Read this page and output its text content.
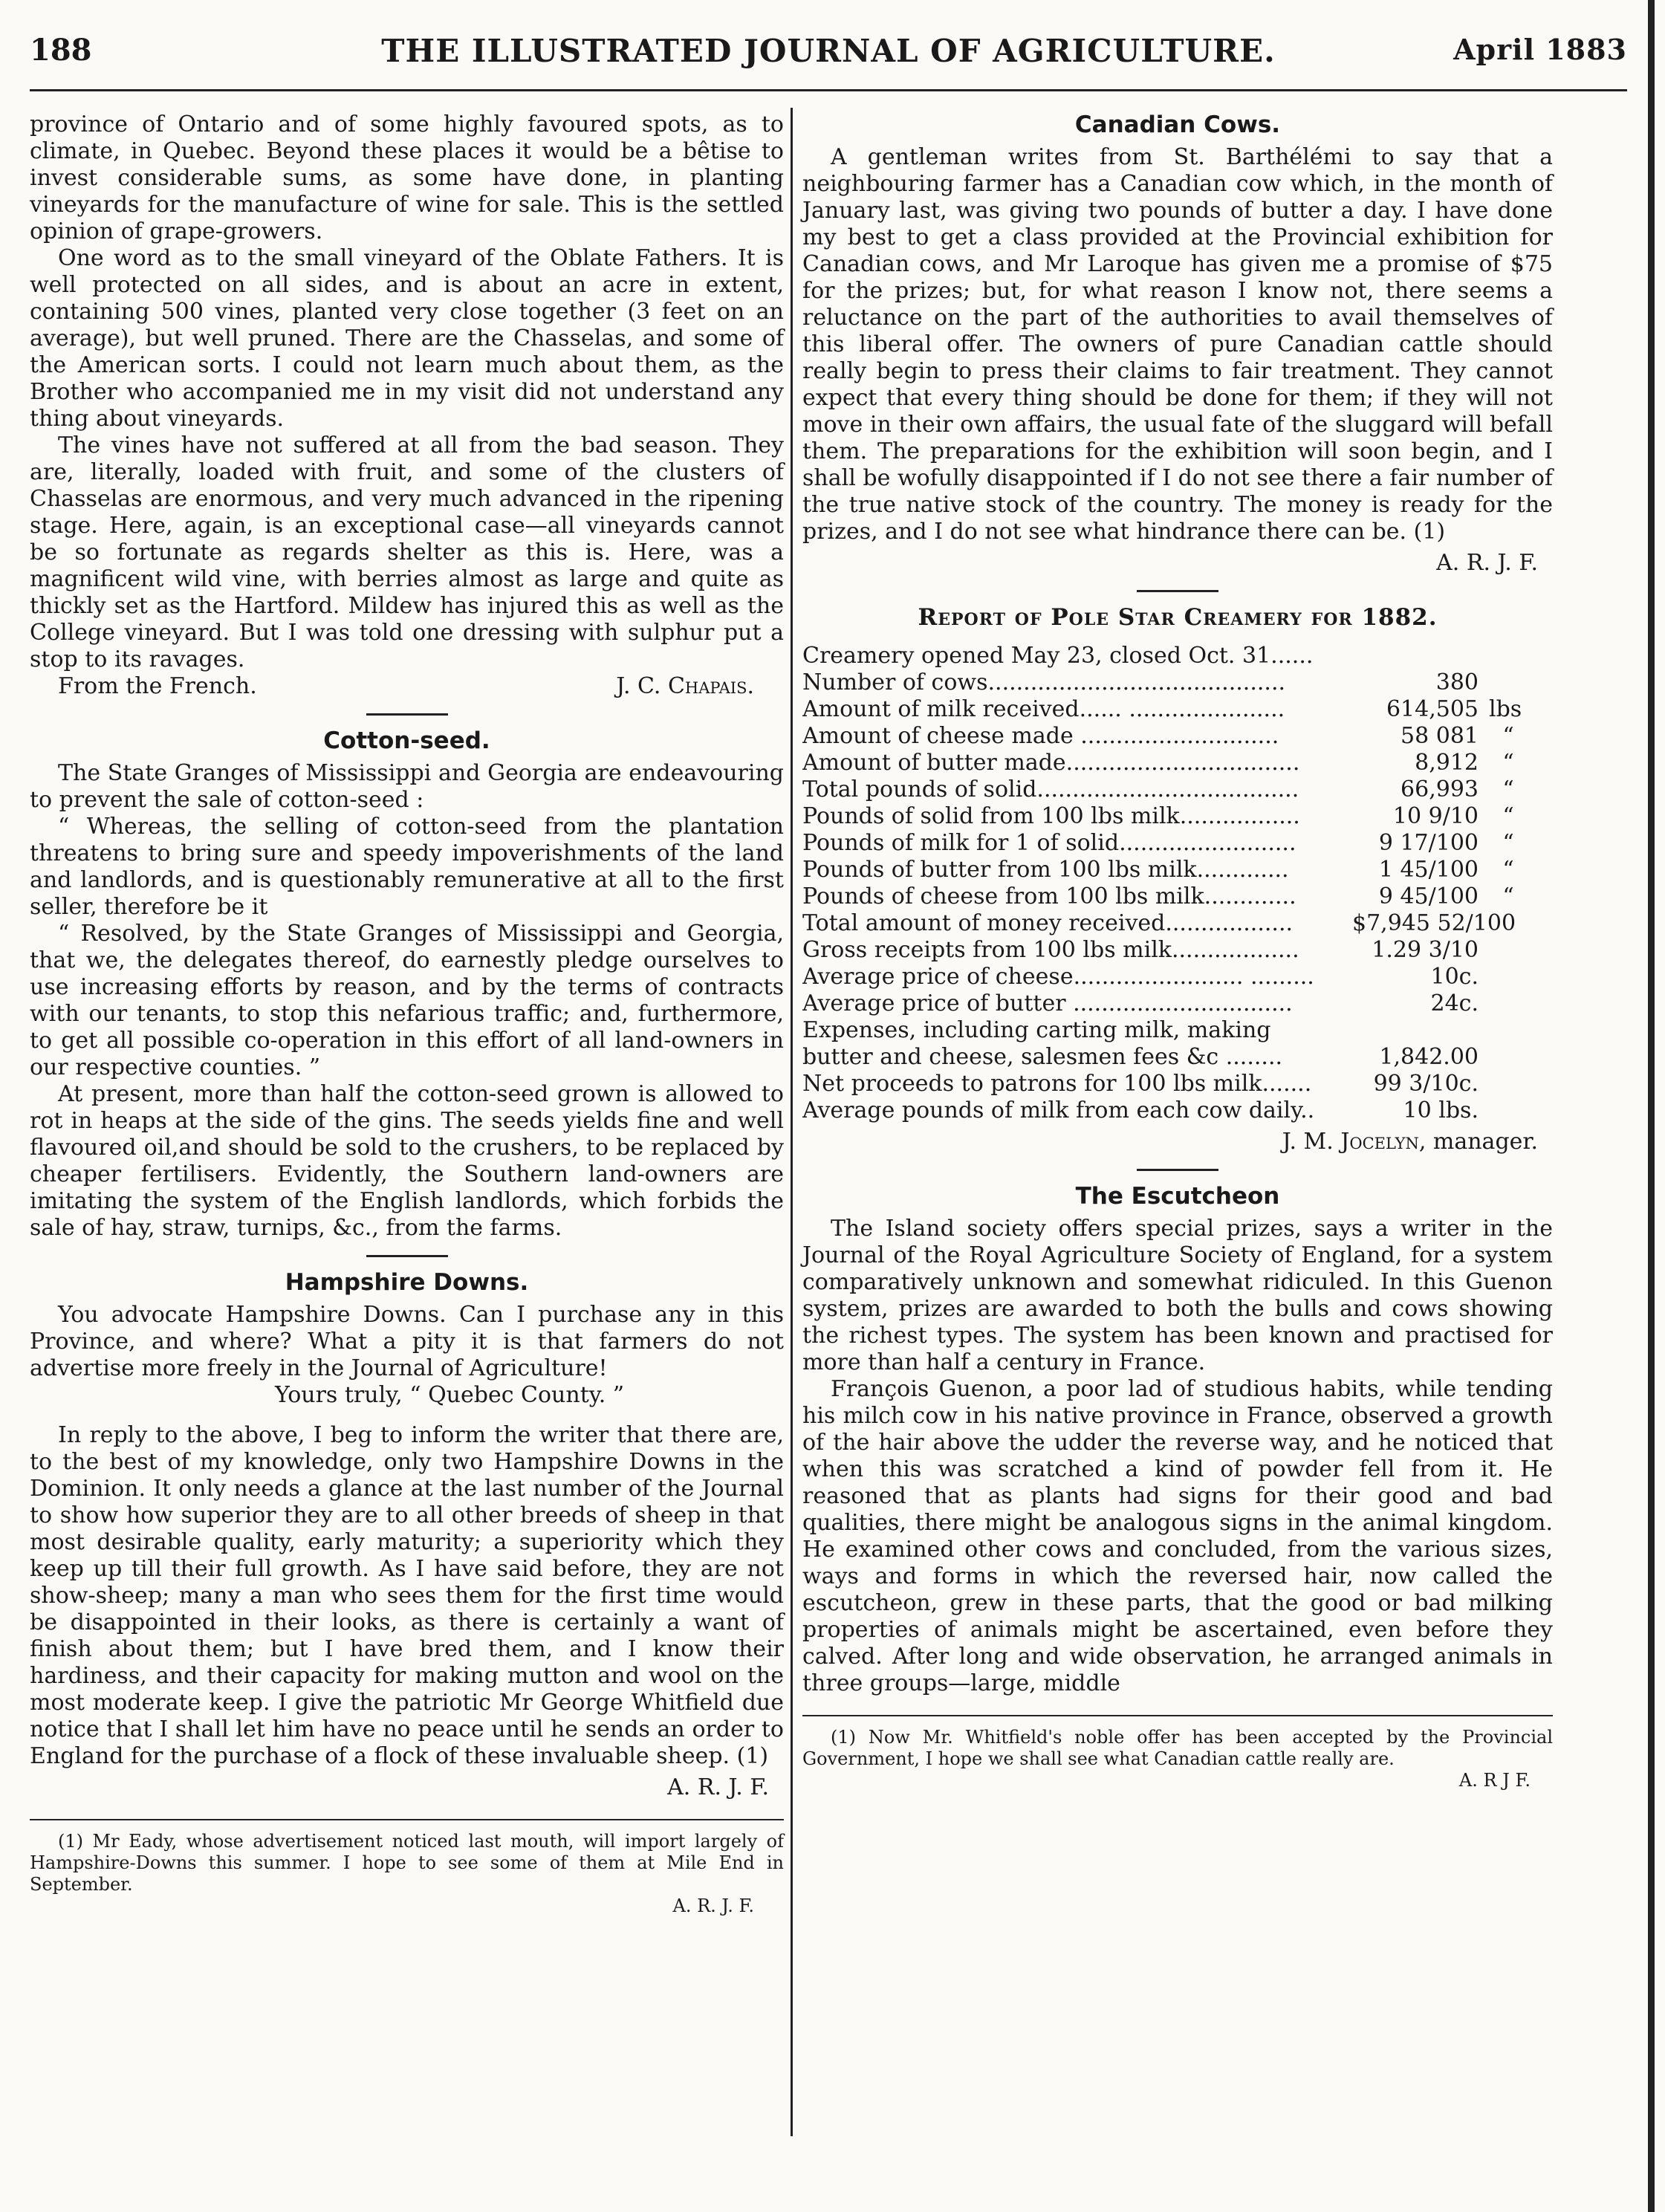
188	THE ILLUSTRATED JOURNAL OF AGRICULTURE.	April 1883

province of Ontario and of some highly favoured spots, as to climate, in Quebec. Beyond these places it would be a bêtise to invest considerable sums, as some have done, in planting vineyards for the manufacture of wine for sale. This is the settled opinion of grape-growers.

One word as to the small vineyard of the Oblate Fathers. It is well protected on all sides, and is about an acre in extent, containing 500 vines, planted very close together (3 feet on an average), but well pruned. There are the Chasselas, and some of the American sorts. I could not learn much about them, as the Brother who accompanied me in my visit did not understand any thing about vineyards.

The vines have not suffered at all from the bad season. They are, literally, loaded with fruit, and some of the clusters of Chasselas are enormous, and very much advanced in the ripening stage. Here, again, is an exceptional case—all vineyards cannot be so fortunate as regards shelter as this is. Here, was a magnificent wild vine, with berries almost as large and quite as thickly set as the Hartford. Mildew has injured this as well as the College vineyard. But I was told one dressing with sulphur put a stop to its ravages.

From the French.	J. C. Chapais.
Cotton-seed.

The State Granges of Mississippi and Georgia are endeavouring to prevent the sale of cotton-seed :

“ Whereas, the selling of cotton-seed from the plantation threatens to bring sure and speedy impoverishments of the land and landlords, and is questionably remunerative at all to the first seller, therefore be it

“ Resolved, by the State Granges of Mississippi and Georgia, that we, the delegates thereof, do earnestly pledge ourselves to use increasing efforts by reason, and by the terms of contracts with our tenants, to stop this nefarious traffic; and, furthermore, to get all possible co-operation in this effort of all land-owners in our respective counties. ”

At present, more than half the cotton-seed grown is allowed to rot in heaps at the side of the gins. The seeds yields fine and well flavoured oil,and should be sold to the crushers, to be replaced by cheaper fertilisers. Evidently, the Southern land-owners are imitating the system of the English landlords, which forbids the sale of hay, straw, turnips, &c., from the farms.

Hampshire Downs.

You advocate Hampshire Downs. Can I purchase any in this Province, and where? What a pity it is that farmers do not advertise more freely in the Journal of Agriculture!

Yours truly, “ Quebec County. ”

In reply to the above, I beg to inform the writer that there are, to the best of my knowledge, only two Hampshire Downs in the Dominion. It only needs a glance at the last number of the Journal to show how superior they are to all other breeds of sheep in that most desirable quality, early maturity; a superiority which they keep up till their full growth. As I have said before, they are not show-sheep; many a man who sees them for the first time would be disappointed in their looks, as there is certainly a want of finish about them; but I have bred them, and I know their hardiness, and their capacity for making mutton and wool on the most moderate keep. I give the patriotic Mr George Whitfield due notice that I shall let him have no peace until he sends an order to England for the purchase of a flock of these invaluable sheep. (1)

A. R. J. F.

(1) Mr Eady, whose advertisement noticed last mouth, will import largely of Hampshire-Downs this summer. I hope to see some of them at Mile End in September.

A. R. J. F.
Canadian Cows.

A gentleman writes from St. Barthélémi to say that a neighbouring farmer has a Canadian cow which, in the month of January last, was giving two pounds of butter a day. I have done my best to get a class provided at the Provincial exhibition for Canadian cows, and Mr Laroque has given me a promise of $75 for the prizes; but, for what reason I know not, there seems a reluctance on the part of the authorities to avail themselves of this liberal offer. The owners of pure Canadian cattle should really begin to press their claims to fair treatment. They cannot expect that every thing should be done for them; if they will not move in their own affairs, the usual fate of the sluggard will befall them. The preparations for the exhibition will soon begin, and I shall be wofully disappointed if I do not see there a fair number of the true native stock of the country. The money is ready for the prizes, and I do not see what hindrance there can be. (1)

A. R. J. F.
Report of Pole Star Creamery for 1882.
Creamery opened May 23, closed Oct. 31......
Number of cows..........................................	380
Amount of milk received...... ......................	614,505 lbs
Amount of cheese made ............................	58 081	“
Amount of butter made.................................	8,912	“
Total pounds of solid.....................................	66,993	“
Pounds of solid from 100 lbs milk.................	10 9/10	“
Pounds of milk for 1 of solid.........................	9 17/100	“
Pounds of butter from 100 lbs milk.............	1 45/100	“
Pounds of cheese from 100 lbs milk.............	9 45/100	“
Total amount of money received..................	$7,945 52/100
Gross receipts from 100 lbs milk..................	1.29 3/10
Average price of cheese........................ .........	10c.
Average price of butter ...............................	24c.
Expenses, including carting milk, making
butter and cheese, salesmen fees &c ........	1,842.00
Net proceeds to patrons for 100 lbs milk.......	99 3/10c.
Average pounds of milk from each cow daily..	10 lbs.
J. M. Jocelyn, manager.
The Escutcheon

The Island society offers special prizes, says a writer in the Journal of the Royal Agriculture Society of England, for a system comparatively unknown and somewhat ridiculed. In this Guenon system, prizes are awarded to both the bulls and cows showing the richest types. The system has been known and practised for more than half a century in France.

François Guenon, a poor lad of studious habits, while tending his milch cow in his native province in France, observed a growth of the hair above the udder the reverse way, and he noticed that when this was scratched a kind of powder fell from it. He reasoned that as plants had signs for their good and bad qualities, there might be analogous signs in the animal kingdom. He examined other cows and concluded, from the various sizes, ways and forms in which the reversed hair, now called the escutcheon, grew in these parts, that the good or bad milking properties of animals might be ascertained, even before they calved. After long and wide observation, he arranged animals in three groups—large, middle

(1) Now Mr. Whitfield's noble offer has been accepted by the Provincial Government, I hope we shall see what Canadian cattle really are.

A. R J F.
